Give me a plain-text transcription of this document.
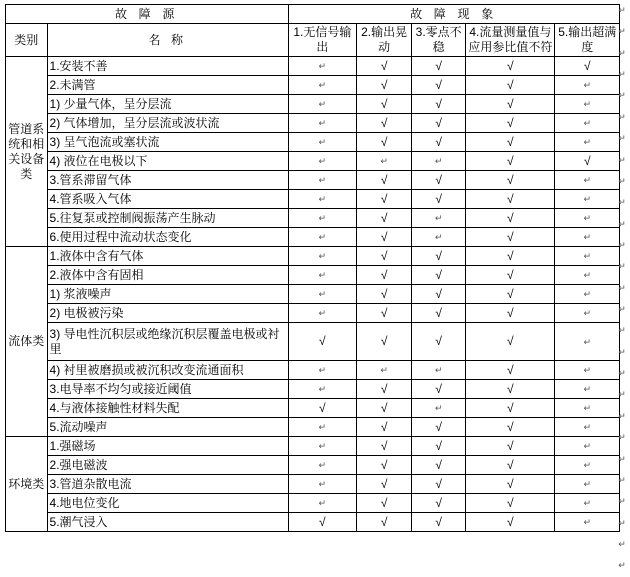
故 障 源		故 障 现 象				
类别	名 称	1.无信号输出	2.输出晃动	3.零点不稳	4.流量测量值与应用参比值不符	5.输出超满度
管道系统和相关设备类	1.安装不善	↵	√	√	√	√
	2.未满管	↵	√	√	√	↵
	1) 少量气体，呈分层流	↵	√	√	√	↵
	2) 气体增加，呈分层流或波状流	↵	√	√	√	↵
	3) 呈气泡流或塞状流	↵	√	√	√	↵
	4) 液位在电极以下	↵	↵	↵	√	√
	3.管系滞留气体	↵	√	√	√	↵
	4.管系吸入气体	↵	√	√	√	↵
	5.往复泵或控制阀振荡产生脉动	↵	√	↵	√	↵
	6.使用过程中流动状态变化	↵	√	↵	√	↵
流体类	1.液体中含有气体	↵	√	√	√	↵
	2.液体中含有固相	↵	√	√	√	↵
	1) 浆液噪声	↵	√	√	√	↵
	2) 电极被污染	↵	√	√	√	↵
	3) 导电性沉积层或绝缘沉积层覆盖电极或衬里	√	√	√	√	↵
	4) 衬里被磨损或被沉积改变流通面积	↵	↵	↵	√	↵
	3.电导率不均匀或接近阈值	↵	√	√	√	↵
	4.与液体接触性材料失配	√	√	↵	√	↵
	5.流动噪声	↵	√	√	√	↵
环境类	1.强磁场	↵	√	√	√	↵
	2.强电磁波	↵	√	√	√	↵
	3.管道杂散电流	↵	√	√	√	↵
	4.地电位变化	↵	√	√	√	↵
	5.潮气浸入	√	√	√	√	↵
↵
↵
↵
↵
↵
↵
↵
↵
↵
↵
↵
↵
↵
↵
↵
↵
↵
↵
↵
↵
↵
↵
↵
↵
↵
↵
↵
